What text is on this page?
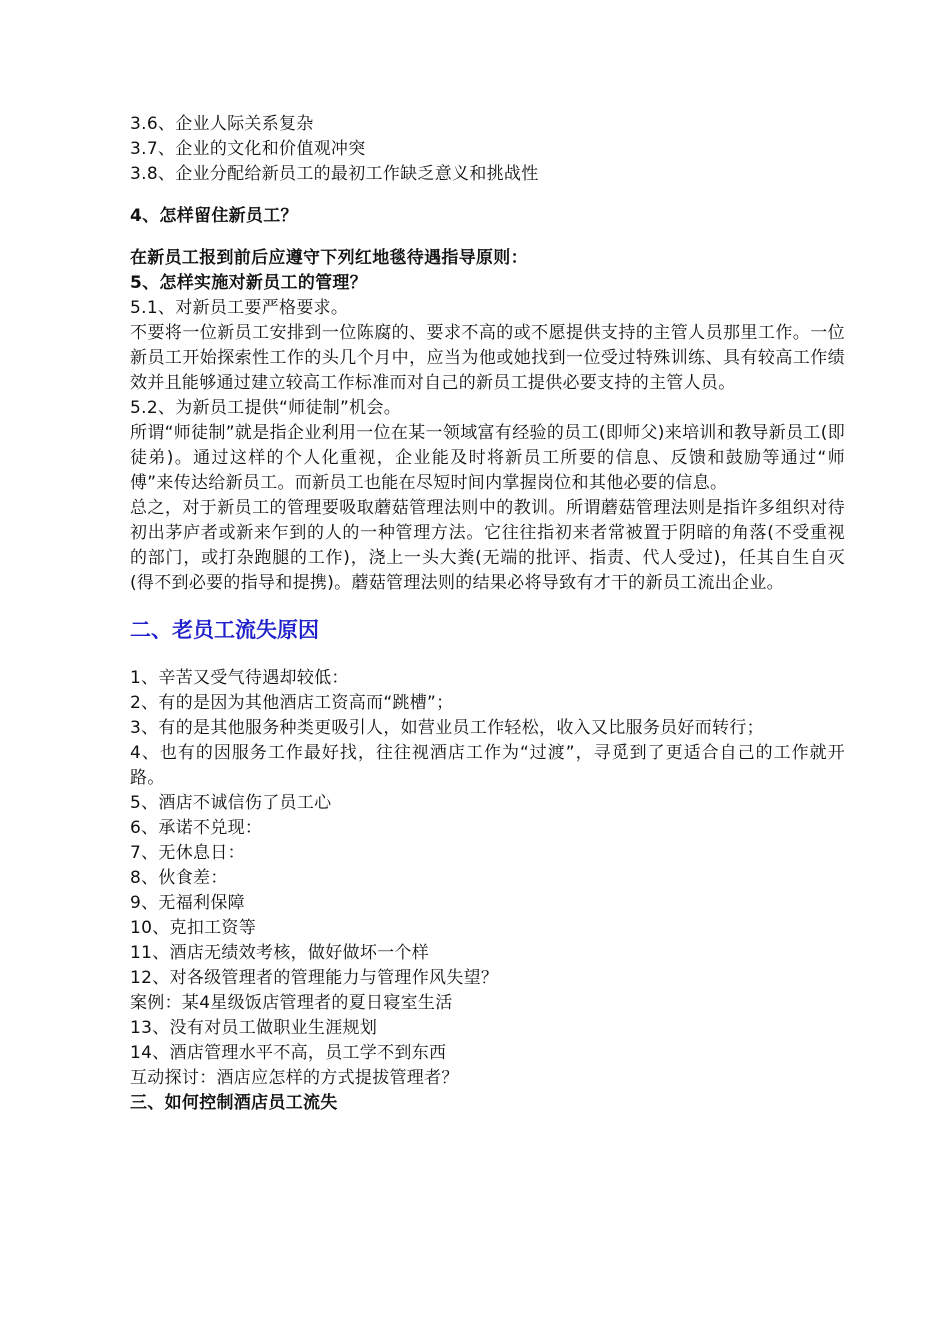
3.6、企业人际关系复杂
3.7、企业的文化和价值观冲突
3.8、企业分配给新员工的最初工作缺乏意义和挑战性
4、怎样留住新员工？
在新员工报到前后应遵守下列红地毯待遇指导原则：
5、怎样实施对新员工的管理？
5.1、对新员工要严格要求。
不要将一位新员工安排到一位陈腐的、要求不高的或不愿提供支持的主管人员那里工作。一位新员工开始探索性工作的头几个月中，应当为他或她找到一位受过特殊训练、具有较高工作绩效并且能够通过建立较高工作标准而对自己的新员工提供必要支持的主管人员。
5.2、为新员工提供“师徒制”机会。
所谓“师徒制”就是指企业利用一位在某一领域富有经验的员工(即师父)来培训和教导新员工(即徒弟)。通过这样的个人化重视，企业能及时将新员工所要的信息、反馈和鼓励等通过“师傅”来传达给新员工。而新员工也能在尽短时间内掌握岗位和其他必要的信息。
总之，对于新员工的管理要吸取蘑菇管理法则中的教训。所谓蘑菇管理法则是指许多组织对待初出茅庐者或新来乍到的人的一种管理方法。它往往指初来者常被置于阴暗的角落(不受重视的部门，或打杂跑腿的工作)，浇上一头大粪(无端的批评、指责、代人受过)，任其自生自灭(得不到必要的指导和提携)。蘑菇管理法则的结果必将导致有才干的新员工流出企业。
二、老员工流失原因
1、辛苦又受气待遇却较低：
2、有的是因为其他酒店工资高而“跳槽”；
3、有的是其他服务种类更吸引人，如营业员工作轻松，收入又比服务员好而转行；
4、也有的因服务工作最好找，往往视酒店工作为“过渡”，寻觅到了更适合自己的工作就开路。
5、酒店不诚信伤了员工心
6、承诺不兑现：
7、无休息日：
8、伙食差：
9、无福利保障
10、克扣工资等
11、酒店无绩效考核，做好做坏一个样
12、对各级管理者的管理能力与管理作风失望？
案例：某4星级饭店管理者的夏日寝室生活
13、没有对员工做职业生涯规划
14、酒店管理水平不高，员工学不到东西
互动探讨：酒店应怎样的方式提拔管理者？
三、如何控制酒店员工流失
